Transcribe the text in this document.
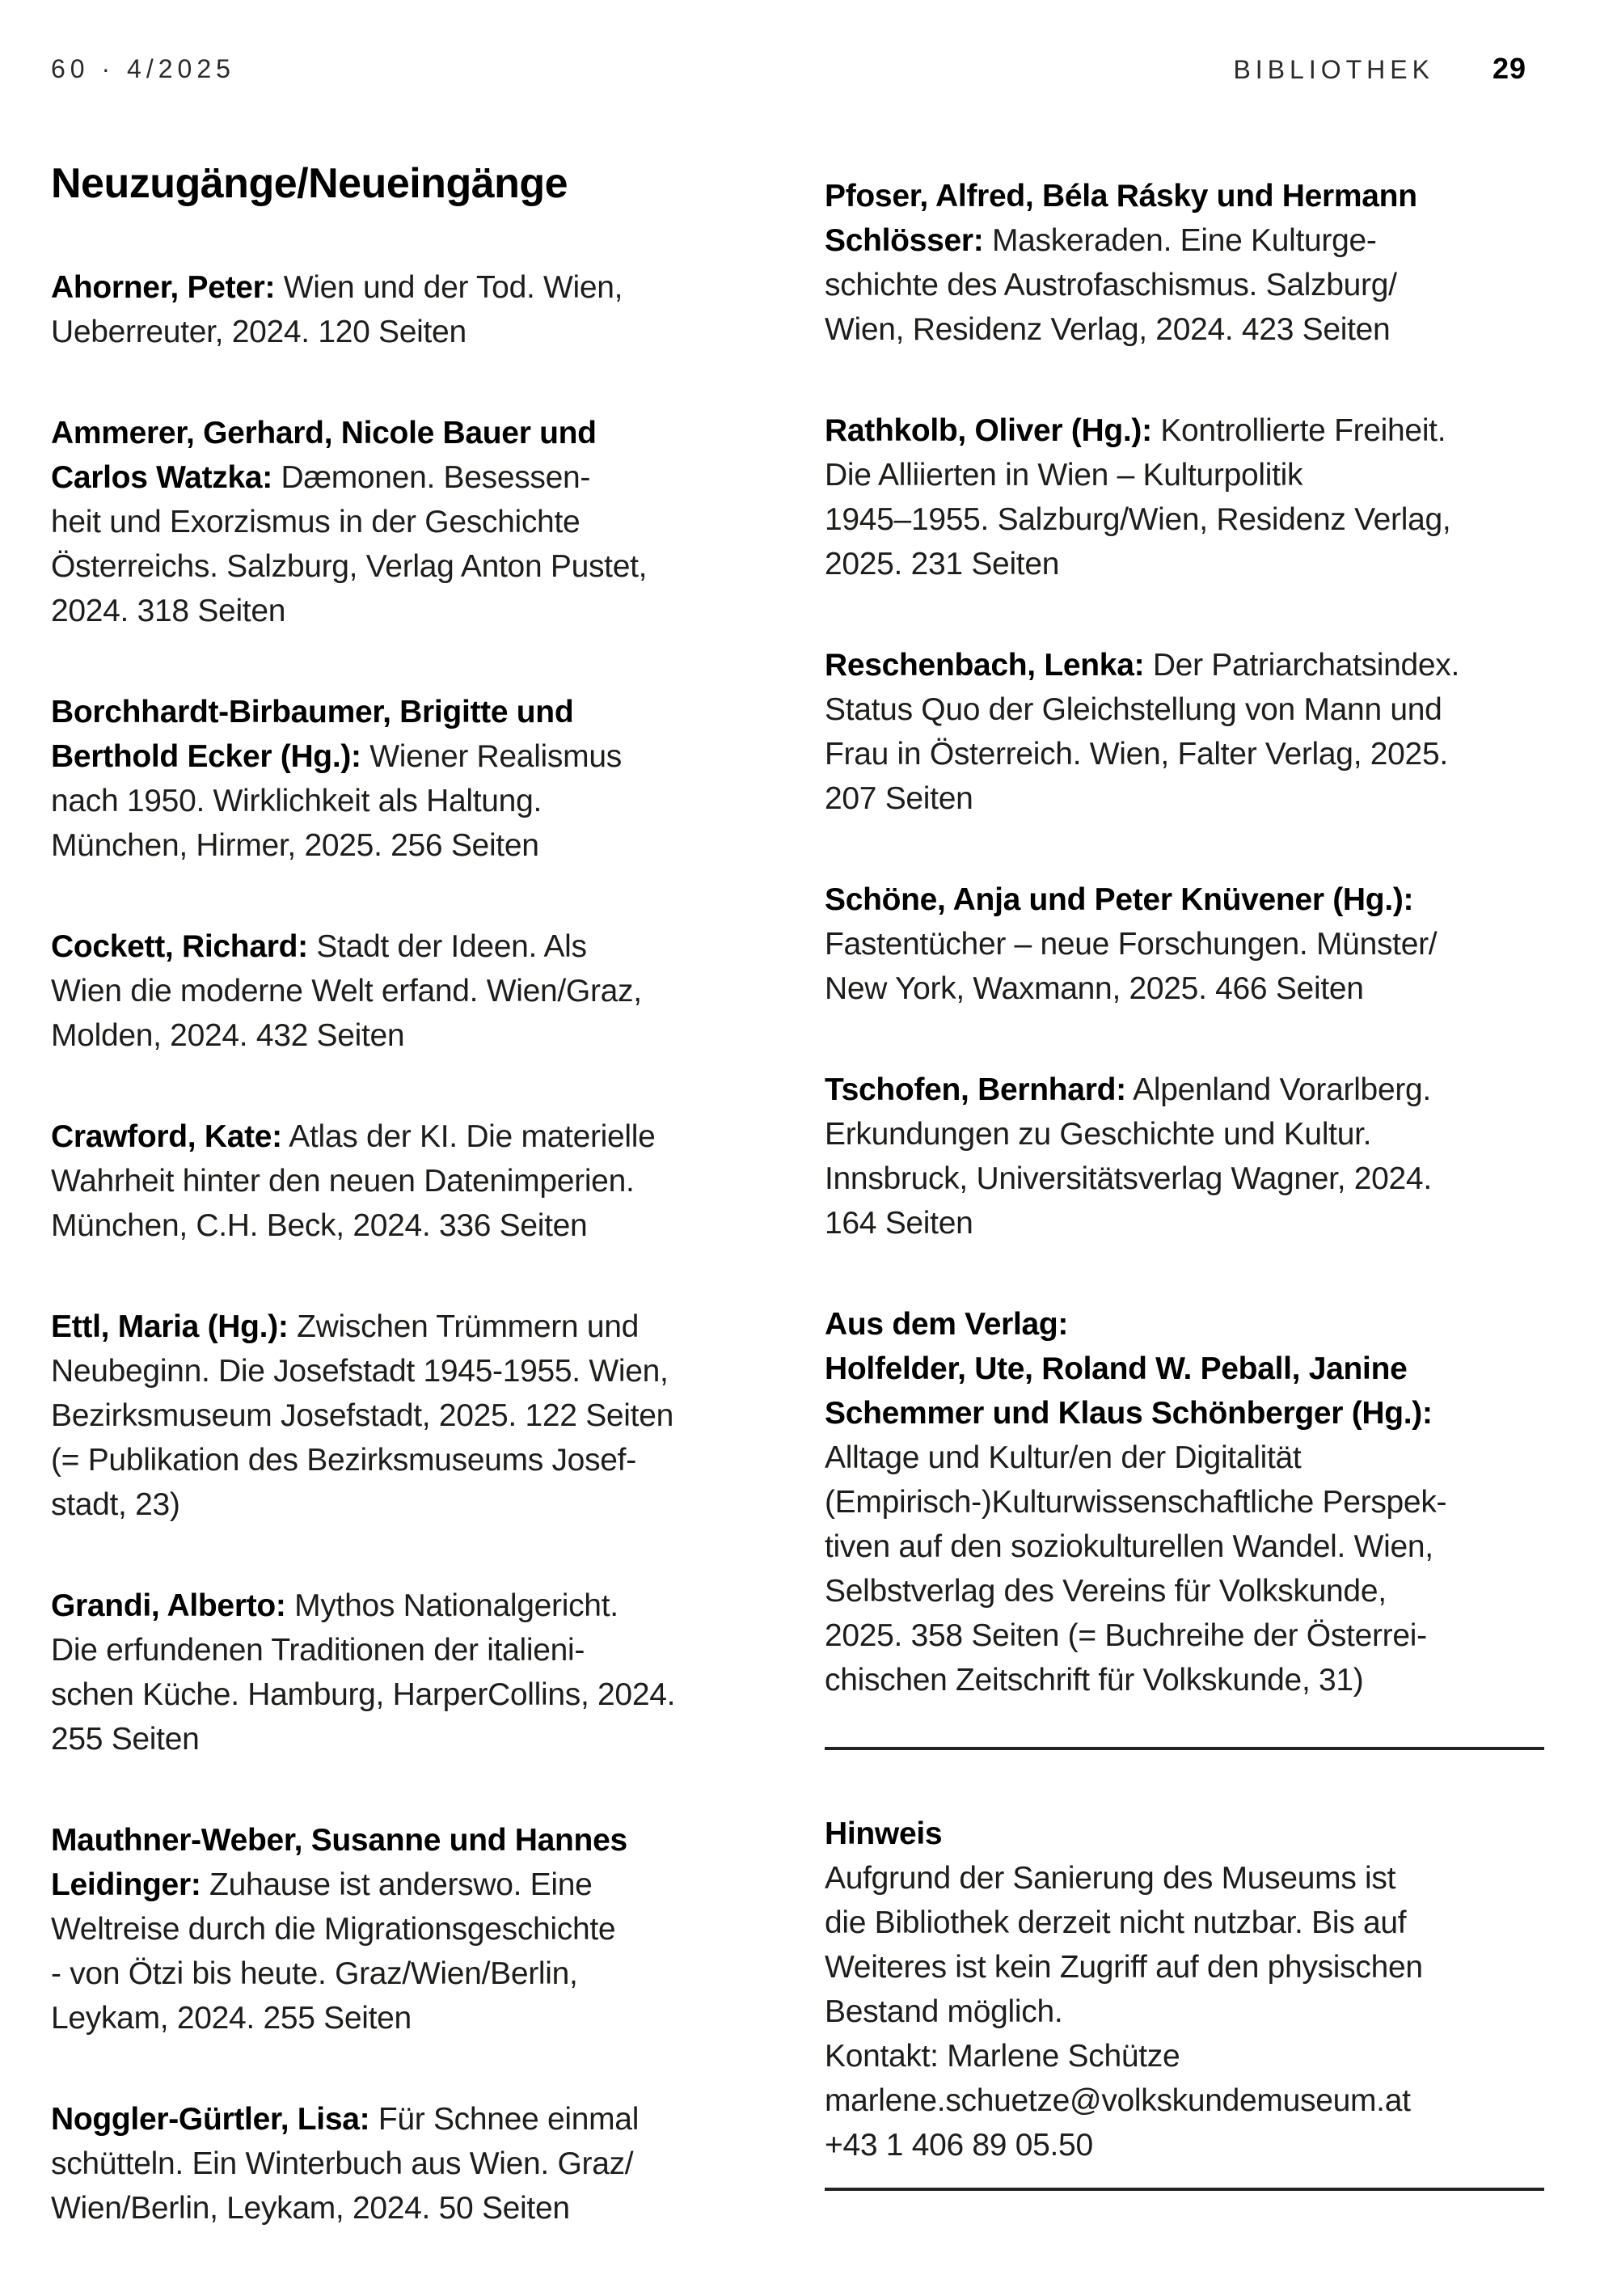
60 · 4/2025	BIBLIOTHEK 29
Neuzugänge/Neueingänge

Ahorner, Peter: Wien und der Tod. Wien,
Ueberreuter, 2024. 120 Seiten

Ammerer, Gerhard, Nicole Bauer und
Carlos Watzka: Dæmonen. Besessen-
heit und Exorzismus in der Geschichte
Österreichs. Salzburg, Verlag Anton Pustet,
2024. 318 Seiten

Borchhardt-Birbaumer, Brigitte und
Berthold Ecker (Hg.): Wiener Realismus
nach 1950. Wirklichkeit als Haltung.
München, Hirmer, 2025. 256 Seiten

Cockett, Richard: Stadt der Ideen. Als
Wien die moderne Welt erfand. Wien/Graz,
Molden, 2024. 432 Seiten

Crawford, Kate: Atlas der KI. Die materielle
Wahrheit hinter den neuen Datenimperien.
München, C.H. Beck, 2024. 336 Seiten

Ettl, Maria (Hg.): Zwischen Trümmern und
Neubeginn. Die Josefstadt 1945-1955. Wien,
Bezirksmuseum Josefstadt, 2025. 122 Seiten
(= Publikation des Bezirksmuseums Josef-
stadt, 23)

Grandi, Alberto: Mythos Nationalgericht.
Die erfundenen Traditionen der italieni-
schen Küche. Hamburg, HarperCollins, 2024.
255 Seiten

Mauthner-Weber, Susanne und Hannes
Leidinger: Zuhause ist anderswo. Eine
Weltreise durch die Migrationsgeschichte
- von Ötzi bis heute. Graz/Wien/Berlin,
Leykam, 2024. 255 Seiten

Noggler-Gürtler, Lisa: Für Schnee einmal
schütteln. Ein Winterbuch aus Wien. Graz/
Wien/Berlin, Leykam, 2024. 50 Seiten

Pfoser, Alfred, Béla Rásky und Hermann
Schlösser: Maskeraden. Eine Kulturge-
schichte des Austrofaschismus. Salzburg/
Wien, Residenz Verlag, 2024. 423 Seiten

Rathkolb, Oliver (Hg.): Kontrollierte Freiheit.
Die Alliierten in Wien – Kulturpolitik
1945–1955. Salzburg/Wien, Residenz Verlag,
2025. 231 Seiten

Reschenbach, Lenka: Der Patriarchatsindex.
Status Quo der Gleichstellung von Mann und
Frau in Österreich. Wien, Falter Verlag, 2025.
207 Seiten

Schöne, Anja und Peter Knüvener (Hg.):
Fastentücher – neue Forschungen. Münster/
New York, Waxmann, 2025. 466 Seiten

Tschofen, Bernhard: Alpenland Vorarlberg.
Erkundungen zu Geschichte und Kultur.
Innsbruck, Universitätsverlag Wagner, 2024.
164 Seiten

Aus dem Verlag:
Holfelder, Ute, Roland W. Peball, Janine
Schemmer und Klaus Schönberger (Hg.):
Alltage und Kultur/en der Digitalität
(Empirisch-)Kulturwissenschaftliche Perspek-
tiven auf den soziokulturellen Wandel. Wien,
Selbstverlag des Vereins für Volkskunde,
2025. 358 Seiten (= Buchreihe der Österrei-
chischen Zeitschrift für Volkskunde, 31)

Hinweis
Aufgrund der Sanierung des Museums ist
die Bibliothek derzeit nicht nutzbar. Bis auf
Weiteres ist kein Zugriff auf den physischen
Bestand möglich.
Kontakt: Marlene Schütze
marlene.schuetze@volkskundemuseum.at
+43 1 406 89 05.50
